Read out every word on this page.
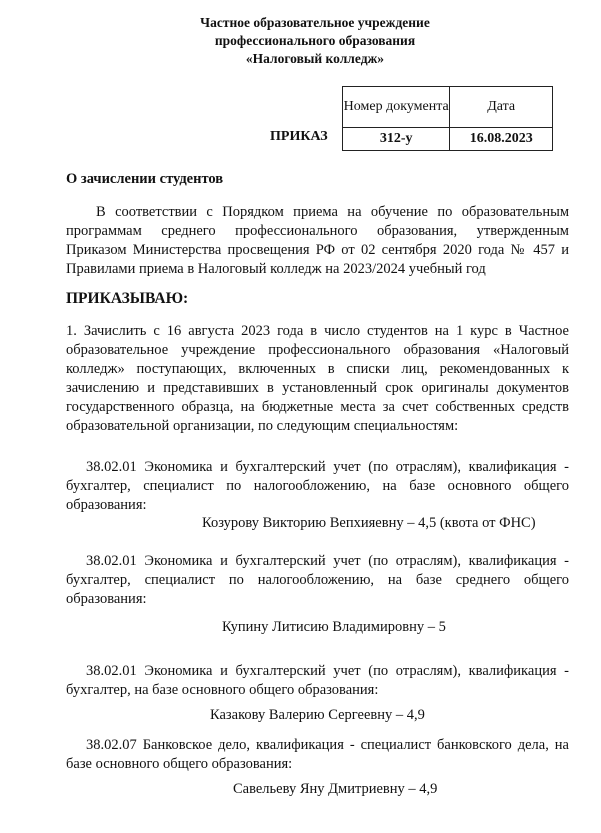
Частное образовательное учреждение
профессионального образования
«Налоговый колледж»
Номер документа	Дата
312-у	16.08.2023
ПРИКАЗ
О зачислении студентов
В соответствии с Порядком приема на обучение по образовательным программам среднего профессионального образования, утвержденным Приказом Министерства просвещения РФ от 02 сентября 2020 года № 457 и Правилами приема в Налоговый колледж на 2023/2024 учебный год
ПРИКАЗЫВАЮ:
1. Зачислить с 16 августа 2023 года в число студентов на 1 курс в Частное образовательное учреждение профессионального образования «Налоговый колледж» поступающих, включенных в списки лиц, рекомендованных к зачислению и представивших в установленный срок оригиналы документов государственного образца, на бюджетные места за счет собственных средств образовательной организации, по следующим специальностям:
38.02.01 Экономика и бухгалтерский учет (по отраслям), квалификация - бухгалтер, специалист по налогообложению, на базе основного общего образования:
Козурову Викторию Вепхияевну – 4,5 (квота от ФНС)
38.02.01 Экономика и бухгалтерский учет (по отраслям), квалификация - бухгалтер, специалист по налогообложению, на базе среднего общего образования:
Купину Литисию Владимировну – 5
38.02.01 Экономика и бухгалтерский учет (по отраслям), квалификация - бухгалтер, на базе основного общего образования:
Казакову Валерию Сергеевну – 4,9
38.02.07 Банковское дело, квалификация - специалист банковского дела, на базе основного общего образования:
Савельеву Яну Дмитриевну – 4,9
